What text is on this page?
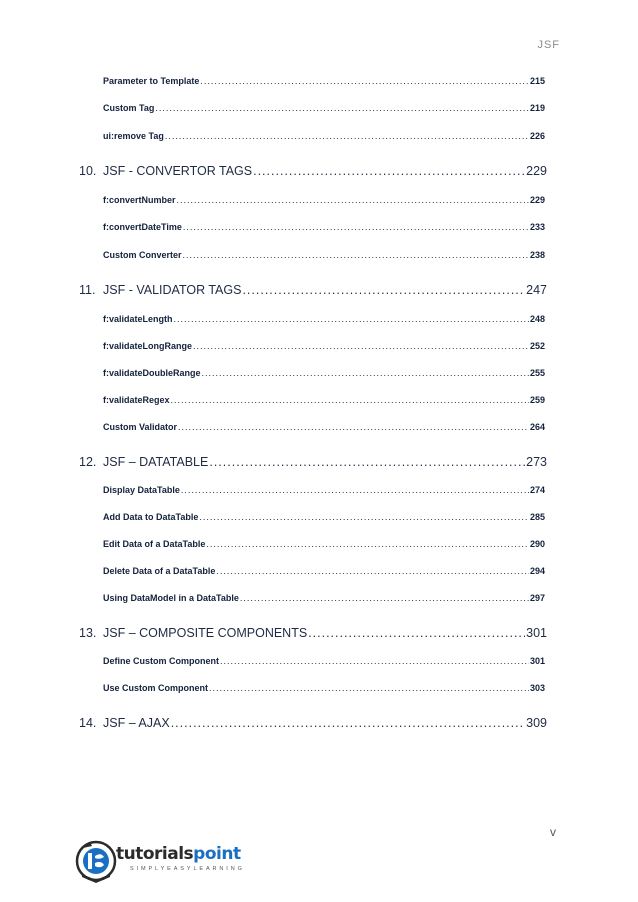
JSF
Parameter to Template .....	215
Custom Tag .....	219
ui:remove Tag .....	226
10. JSF - CONVERTOR TAGS .....	229
f:convertNumber .....	229
f:convertDateTime .....	233
Custom Converter .....	238
11. JSF - VALIDATOR TAGS .....	247
f:validateLength .....	248
f:validateLongRange .....	252
f:validateDoubleRange .....	255
f:validateRegex .....	259
Custom Validator .....	264
12. JSF – DATATABLE .....	273
Display DataTable .....	274
Add Data to DataTable .....	285
Edit Data of a DataTable .....	290
Delete Data of a DataTable .....	294
Using DataModel in a DataTable .....	297
13. JSF – COMPOSITE COMPONENTS .....	301
Define Custom Component .....	301
Use Custom Component .....	303
14. JSF – AJAX .....	309
v
tutorialspoint
SIMPLYEASYLEARNING
